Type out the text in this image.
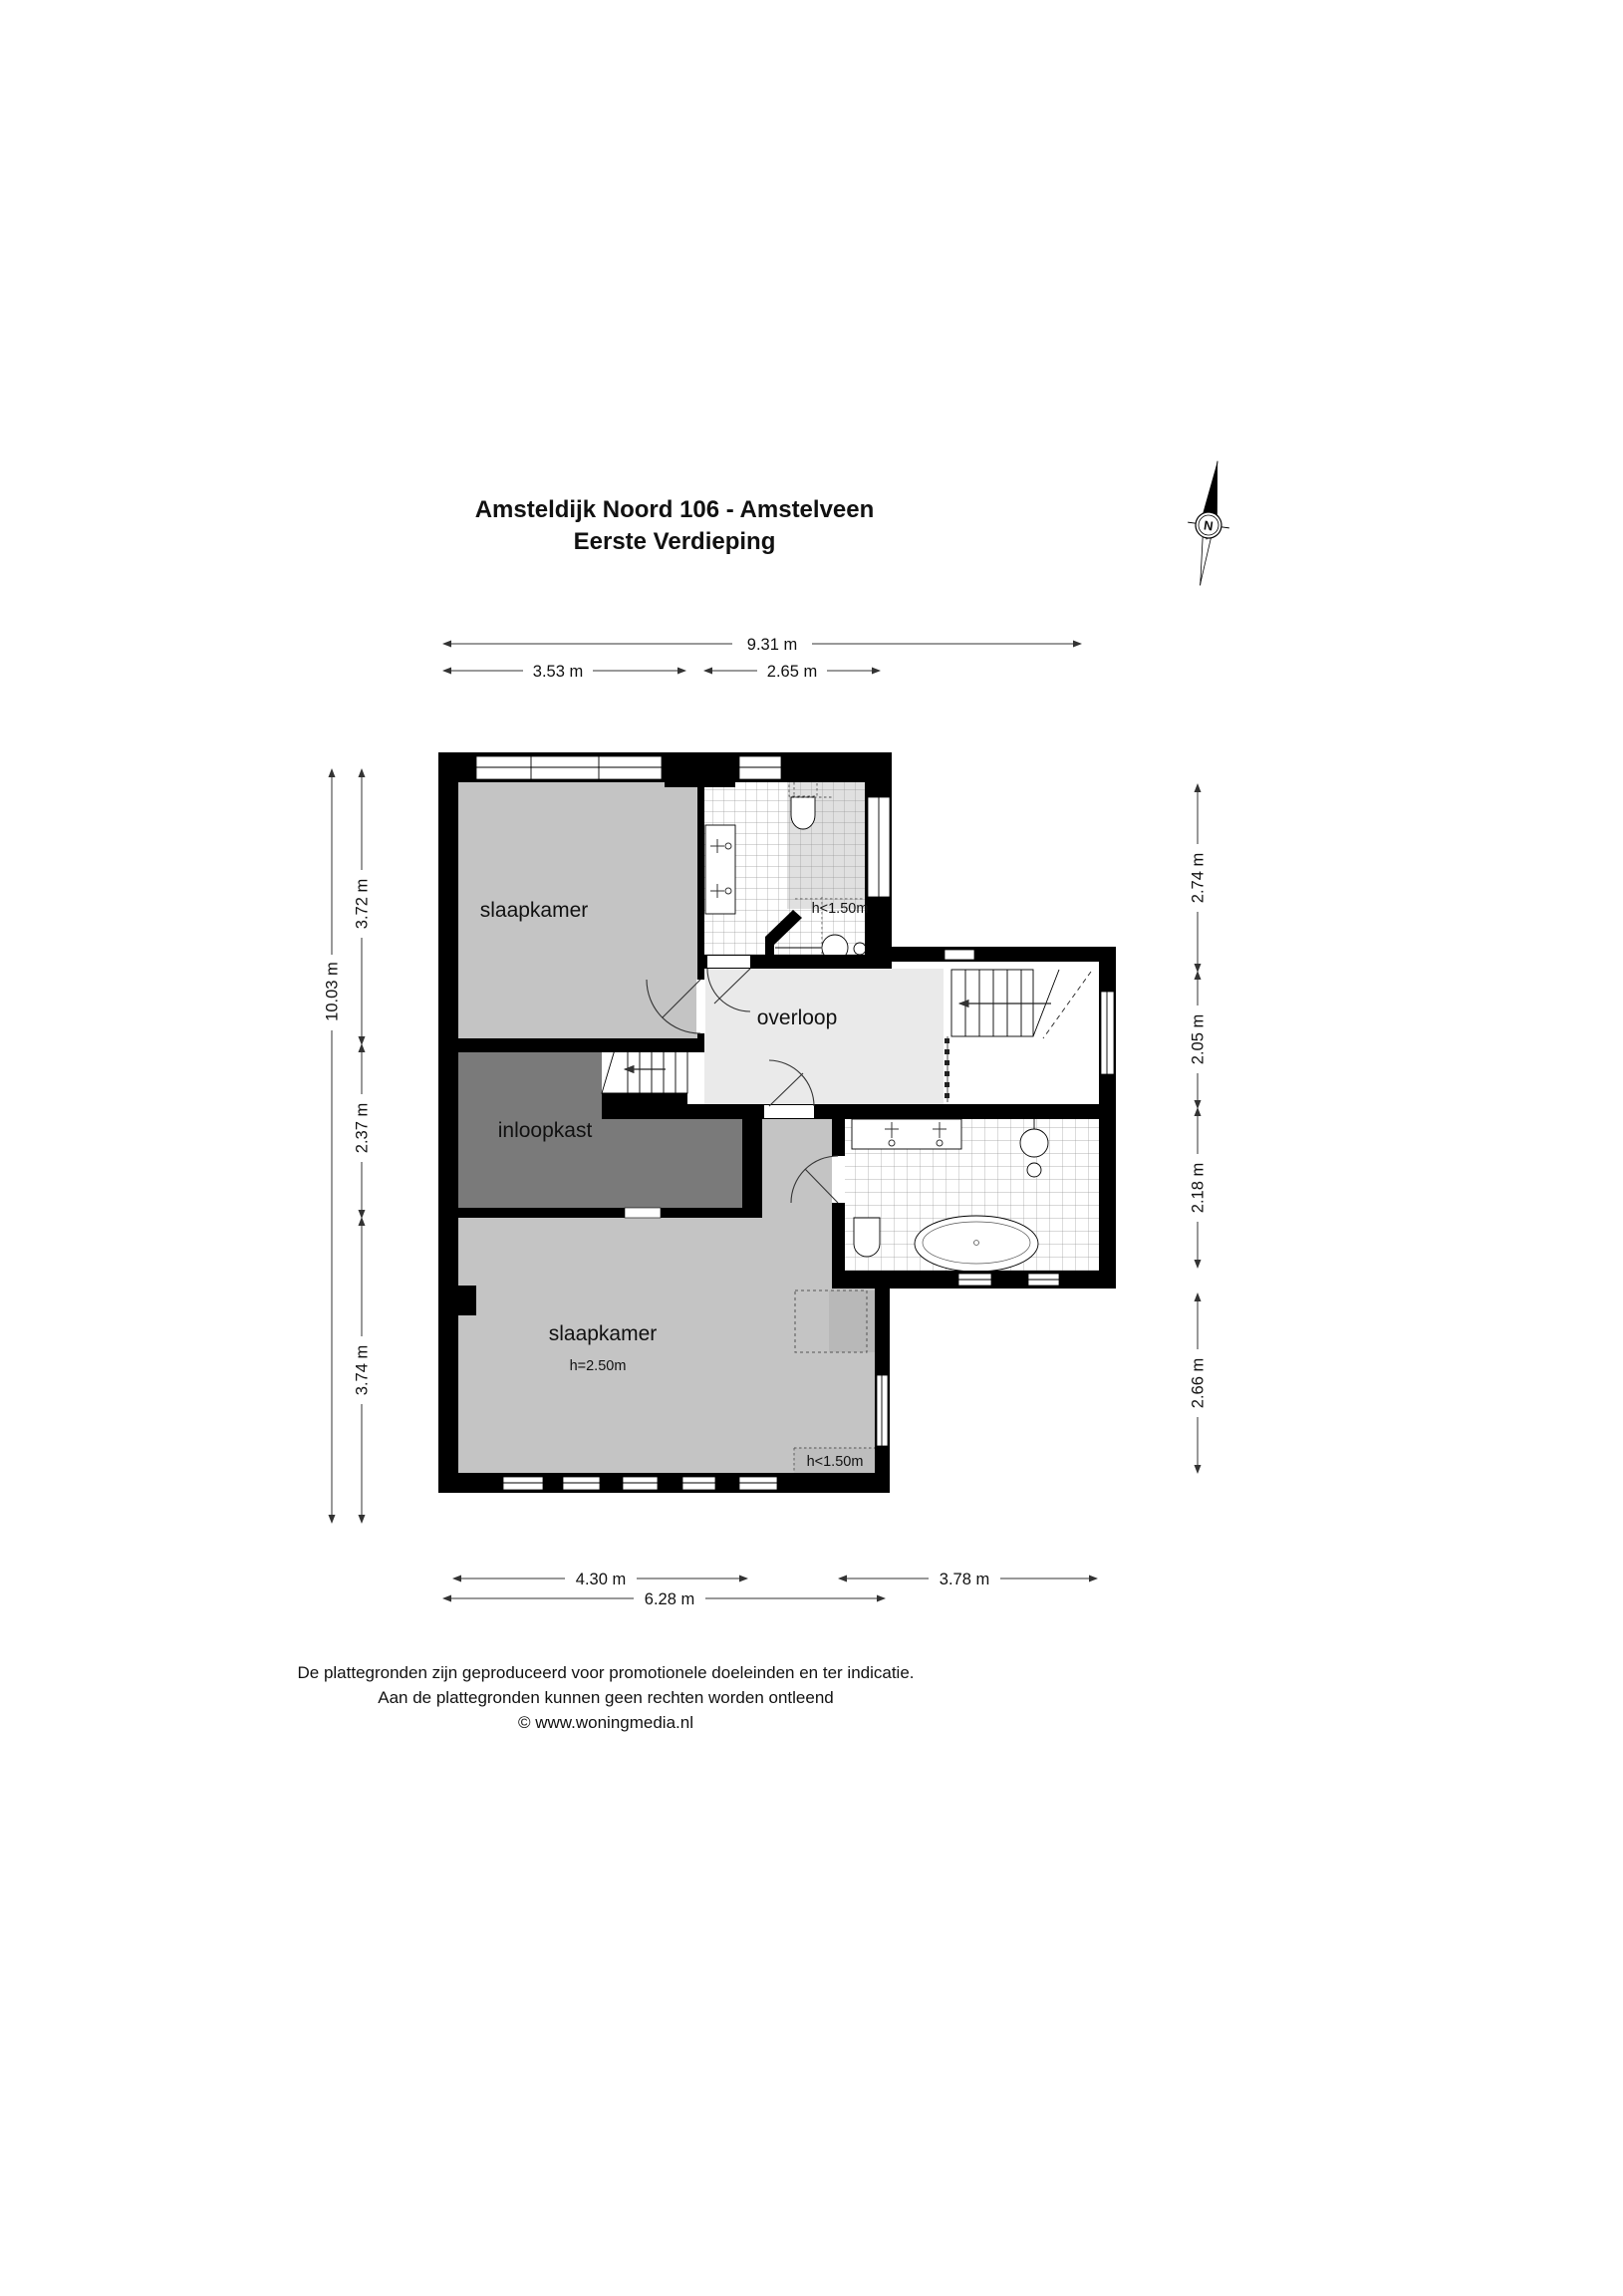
slaapkamer
overloop
inloopkast
slaapkamer
h=2.50m
h<1.50m
h<1.50m
9.31 m
3.53 m	2.65 m
4.30 m	3.78 m
6.28 m
10.03 m
3.72 m
2.37 m
3.74 m
2.74 m
2.05 m
2.18 m
2.66 m
Amsteldijk Noord 106 - Amstelveen
Eerste Verdieping
N
De plattegronden zijn geproduceerd voor promotionele doeleinden en ter indicatie.
Aan de plattegronden kunnen geen rechten worden ontleend
© www.woningmedia.nl
